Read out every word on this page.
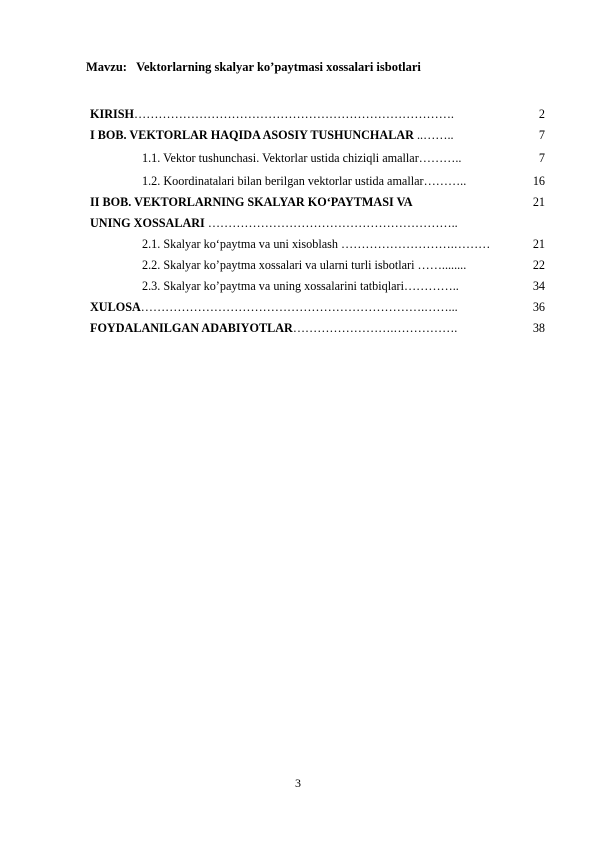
Mavzu:   Vektorlarning skalyar ko’paytmasi xossalari isbotlari
KIRISH…………………………………………………………………….	2
I BOB. VEKTORLAR HAQIDA ASOSIY TUSHUNCHALAR ..……..	7
1.1. Vektor tushunchasi. Vektorlar ustida chiziqli amallar………..	7
1.2. Koordinatalari bilan berilgan vektorlar ustida amallar………..	16
II BOB. VEKTORLARNING SKALYAR KO‘PAYTMASI VA	21
UNING XOSSALARI ……………………………………………………..
2.1. Skalyar ko‘paytma va uni xisoblash ……………………….………	21
2.2. Skalyar ko’paytma xossalari va ularni turli isbotlari ……........	22
2.3. Skalyar ko’paytma va uning xossalarini tatbiqlari…………..	34
XULOSA…………………………………………………………….……...	36
FOYDALANILGAN ADABIYOTLAR…………………….…………….	38
3
